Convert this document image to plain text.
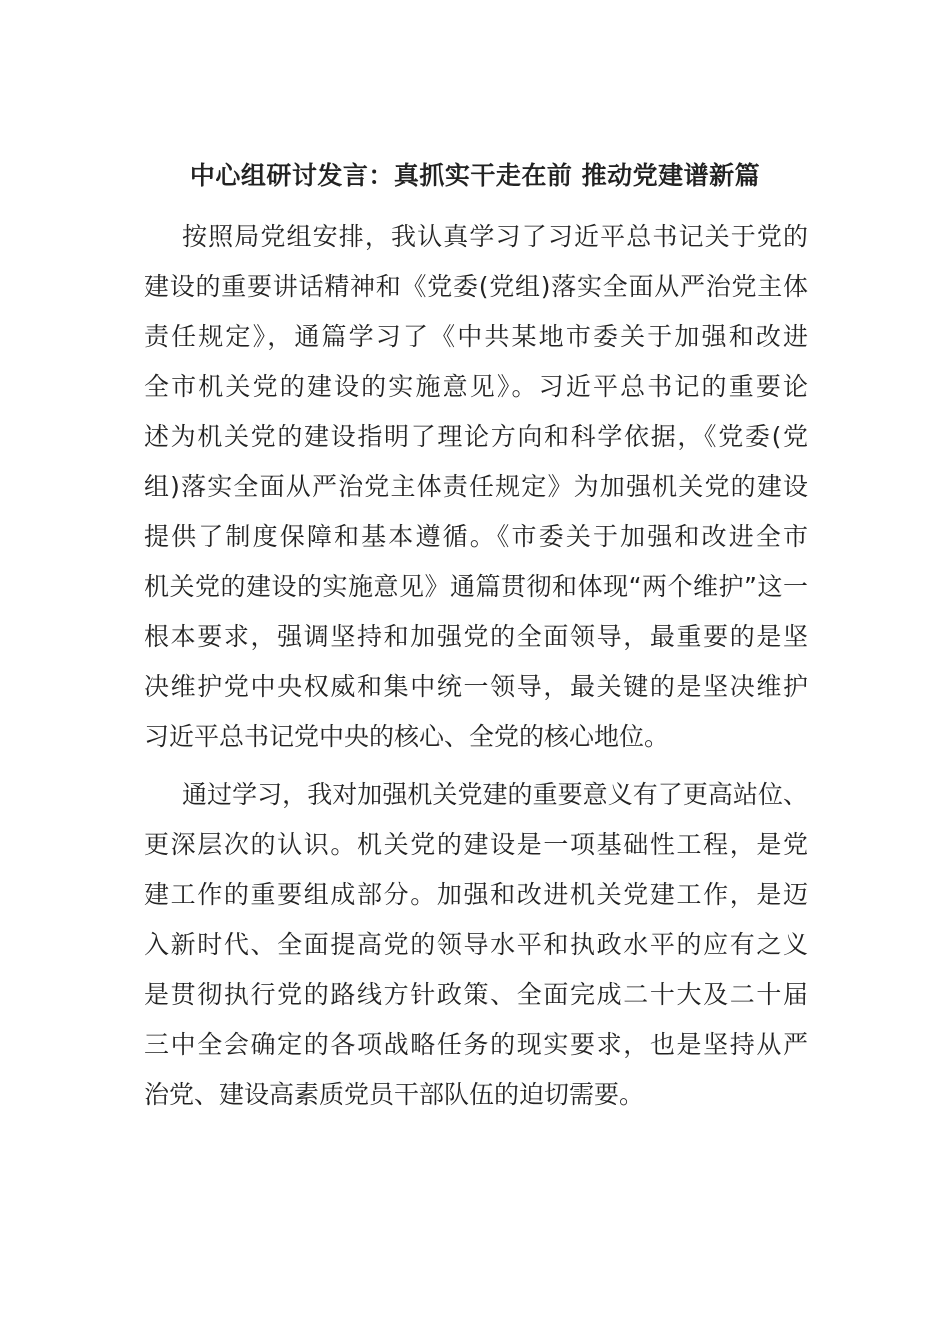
中心组研讨发言：真抓实干走在前 推动党建谱新篇
按照局党组安排，我认真学习了习近平总书记关于党的
建设的重要讲话精神和《党委(党组)落实全面从严治党主体
责任规定》，通篇学习了《中共某地市委关于加强和改进
全市机关党的建设的实施意见》。习近平总书记的重要论
述为机关党的建设指明了理论方向和科学依据，《党委(党
组)落实全面从严治党主体责任规定》为加强机关党的建设
提供了制度保障和基本遵循。《市委关于加强和改进全市
机关党的建设的实施意见》通篇贯彻和体现“两个维护”这一
根本要求，强调坚持和加强党的全面领导，最重要的是坚
决维护党中央权威和集中统一领导，最关键的是坚决维护
习近平总书记党中央的核心、全党的核心地位。
通过学习，我对加强机关党建的重要意义有了更高站位、
更深层次的认识。机关党的建设是一项基础性工程，是党
建工作的重要组成部分。加强和改进机关党建工作，是迈
入新时代、全面提高党的领导水平和执政水平的应有之义
是贯彻执行党的路线方针政策、全面完成二十大及二十届
三中全会确定的各项战略任务的现实要求，也是坚持从严
治党、建设高素质党员干部队伍的迫切需要。
